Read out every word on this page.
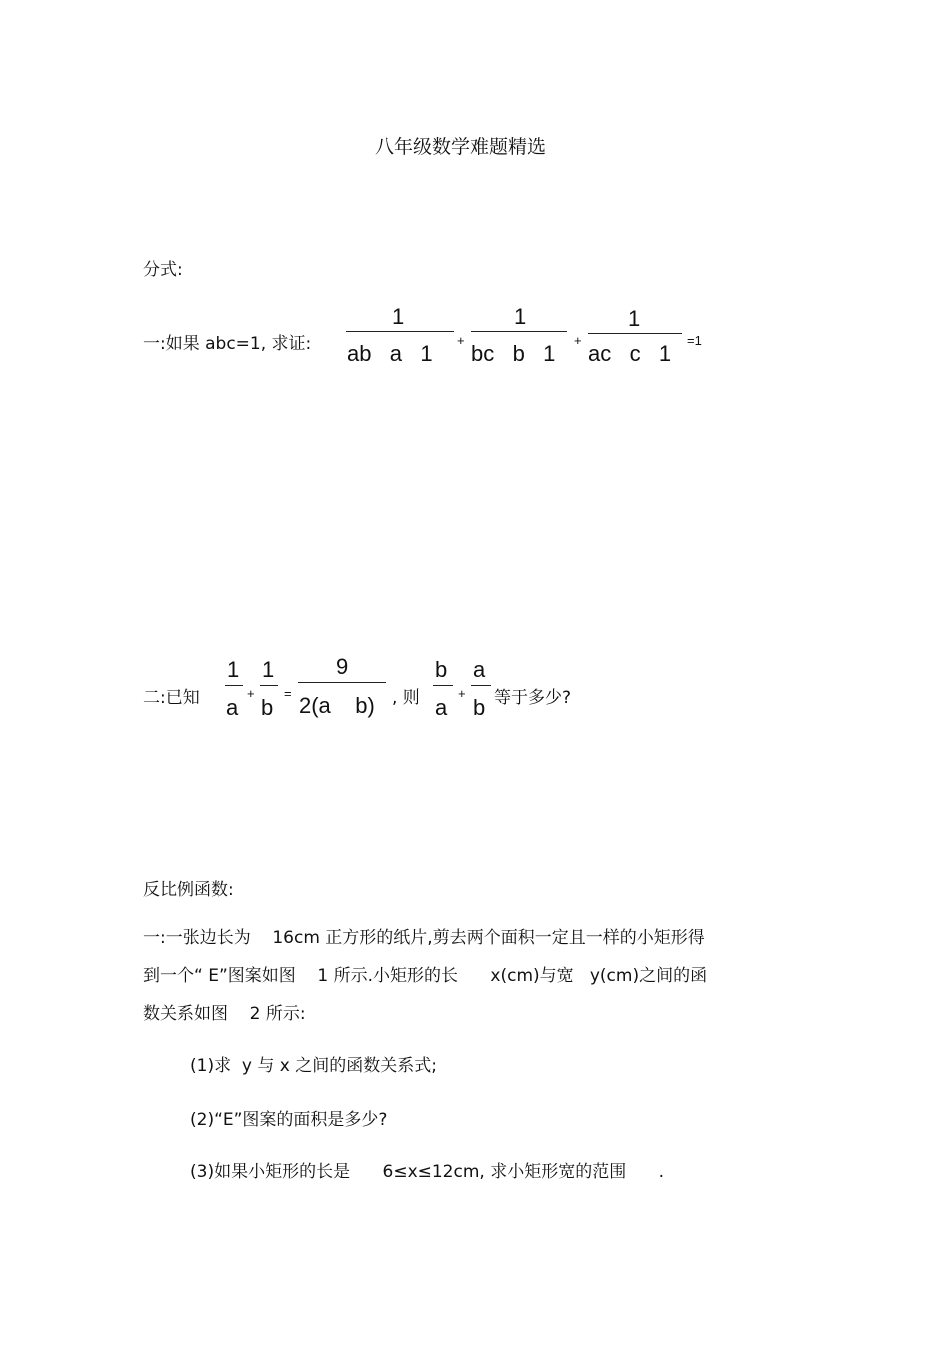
八年级数学难题精选
分式:
一:如果 abc=1, 求证:
1
ab   a   1
+
1
bc   b   1
+
1
ac   c   1
=1
二:已知
1
a
+
1
b
=
9
2(a    b) , 则
b
a
+
a
b 等于多少?
反比例函数:
一:一张边长为    16cm 正方形的纸片,剪去两个面积一定且一样的小矩形得
到一个“ E”图案如图    1 所示.小矩形的长      x(cm)与宽   y(cm)之间的函
数关系如图    2 所示:
(1)求  y 与 x 之间的函数关系式;
(2)“E”图案的面积是多少?
(3)如果小矩形的长是      6≤x≤12cm, 求小矩形宽的范围      .
